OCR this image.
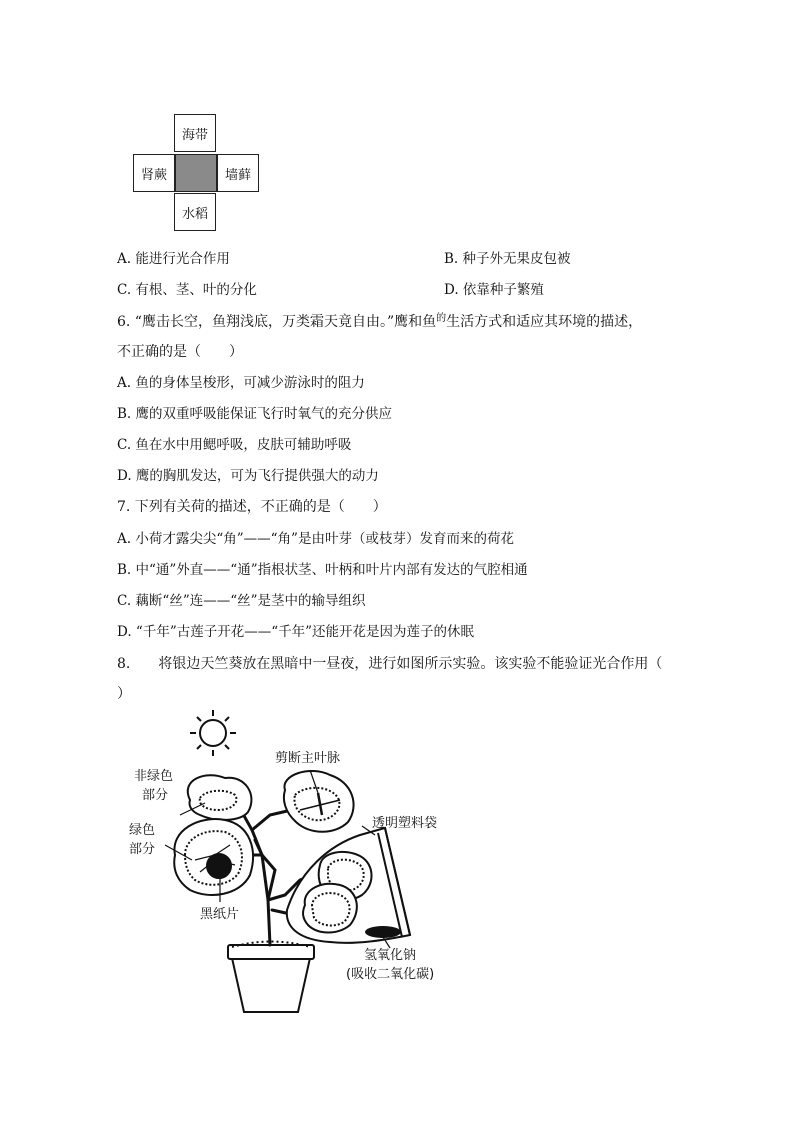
海带
肾蕨	墙藓
水稻
A. 能进行光合作用	B. 种子外无果皮包被
C. 有根、茎、叶的分化	D. 依靠种子繁殖
6. “鹰击长空，鱼翔浅底，万类霜天竟自由。”鹰和鱼$^的$生活方式和适应其环境的描述，
不正确的是（　　）
A. 鱼的身体呈梭形，可减少游泳时的阻力
B. 鹰的双重呼吸能保证飞行时氧气的充分供应
C. 鱼在水中用鳃呼吸，皮肤可辅助呼吸
D. 鹰的胸肌发达，可为飞行提供强大的动力
7. 下列有关荷的描述，不正确的是（　　）
A. 小荷才露尖尖“角”——“角”是由叶芽（或枝芽）发育而来的荷花
B. 中“通”外直——“通”指根状茎、叶柄和叶片内部有发达的气腔相通
C. 藕断“丝”连——“丝”是茎中的输导组织
D. “千年”古莲子开花——“千年”还能开花是因为莲子的休眠
8.　　将银边天竺葵放在黑暗中一昼夜，进行如图所示实验。该实验不能验证光合作用（
）
剪断主叶脉
非绿色
部分
绿色
部分
透明塑料袋
黑纸片
氢氧化钠
(吸收二氧化碳)
